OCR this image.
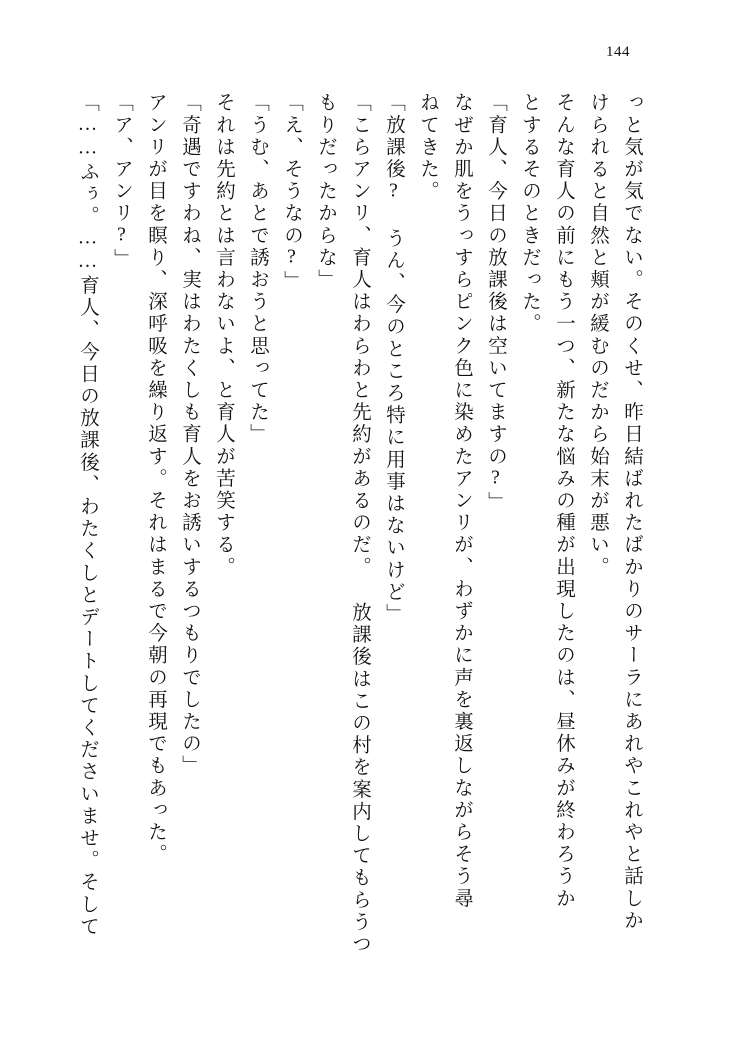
144
っと気が気でない。そのくせ、昨日結ばれたばかりのサーラにあれやこれやと話しか
けられると自然と頬が緩むのだから始末が悪い。
そんな育人の前にもう一つ、新たな悩みの種が出現したのは、昼休みが終わろうか
とするそのときだった。
「育人、今日の放課後は空いてますの?」
なぜか肌をうっすらピンク色に染めたアンリが、わずかに声を裏返しながらそう尋
ねてきた。
「放課後? うん、今のところ特に用事はないけど」
「こらアンリ、育人はわらわと先約があるのだ。 放課後はこの村を案内してもらうつ
もりだったからな」
「え、そうなの?」
「うむ、あとで誘おうと思ってた」
それは先約とは言わないよ、と育人が苦笑する。
「奇遇ですわね、実はわたくしも育人をお誘いするつもりでしたの」
アンリが目を瞑り、深呼吸を繰り返す。それはまるで今朝の再現でもあった。
「ア、アンリ?」
「……ふぅ。……育人、今日の放課後、わたくしとデートしてくださいませ。そして
